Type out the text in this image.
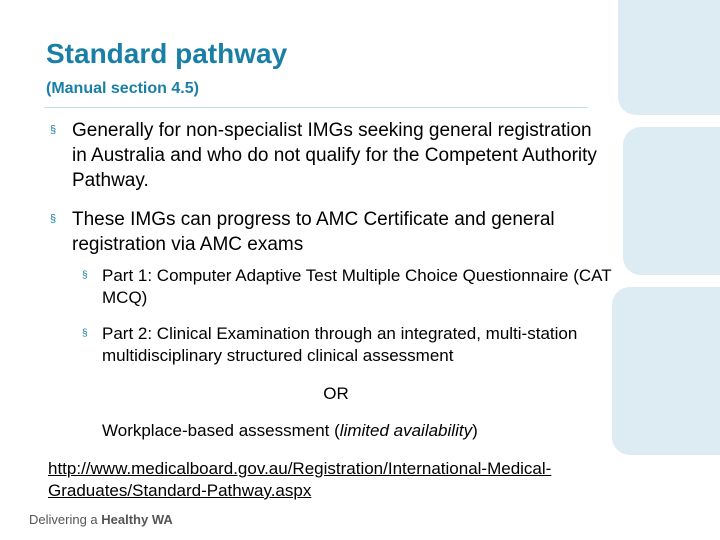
Standard pathway
(Manual section 4.5)
§ Generally for non-specialist IMGs seeking general registration in Australia and who do not qualify for the Competent Authority Pathway.
§ These IMGs can progress to AMC Certificate and general registration via AMC exams
§ Part 1: Computer Adaptive Test Multiple Choice Questionnaire (CAT MCQ)
§ Part 2: Clinical Examination through an integrated, multi-station multidisciplinary structured clinical assessment
OR
Workplace-based assessment (limited availability)
http://www.medicalboard.gov.au/Registration/International-Medical-Graduates/Standard-Pathway.aspx
Delivering a Healthy WA
